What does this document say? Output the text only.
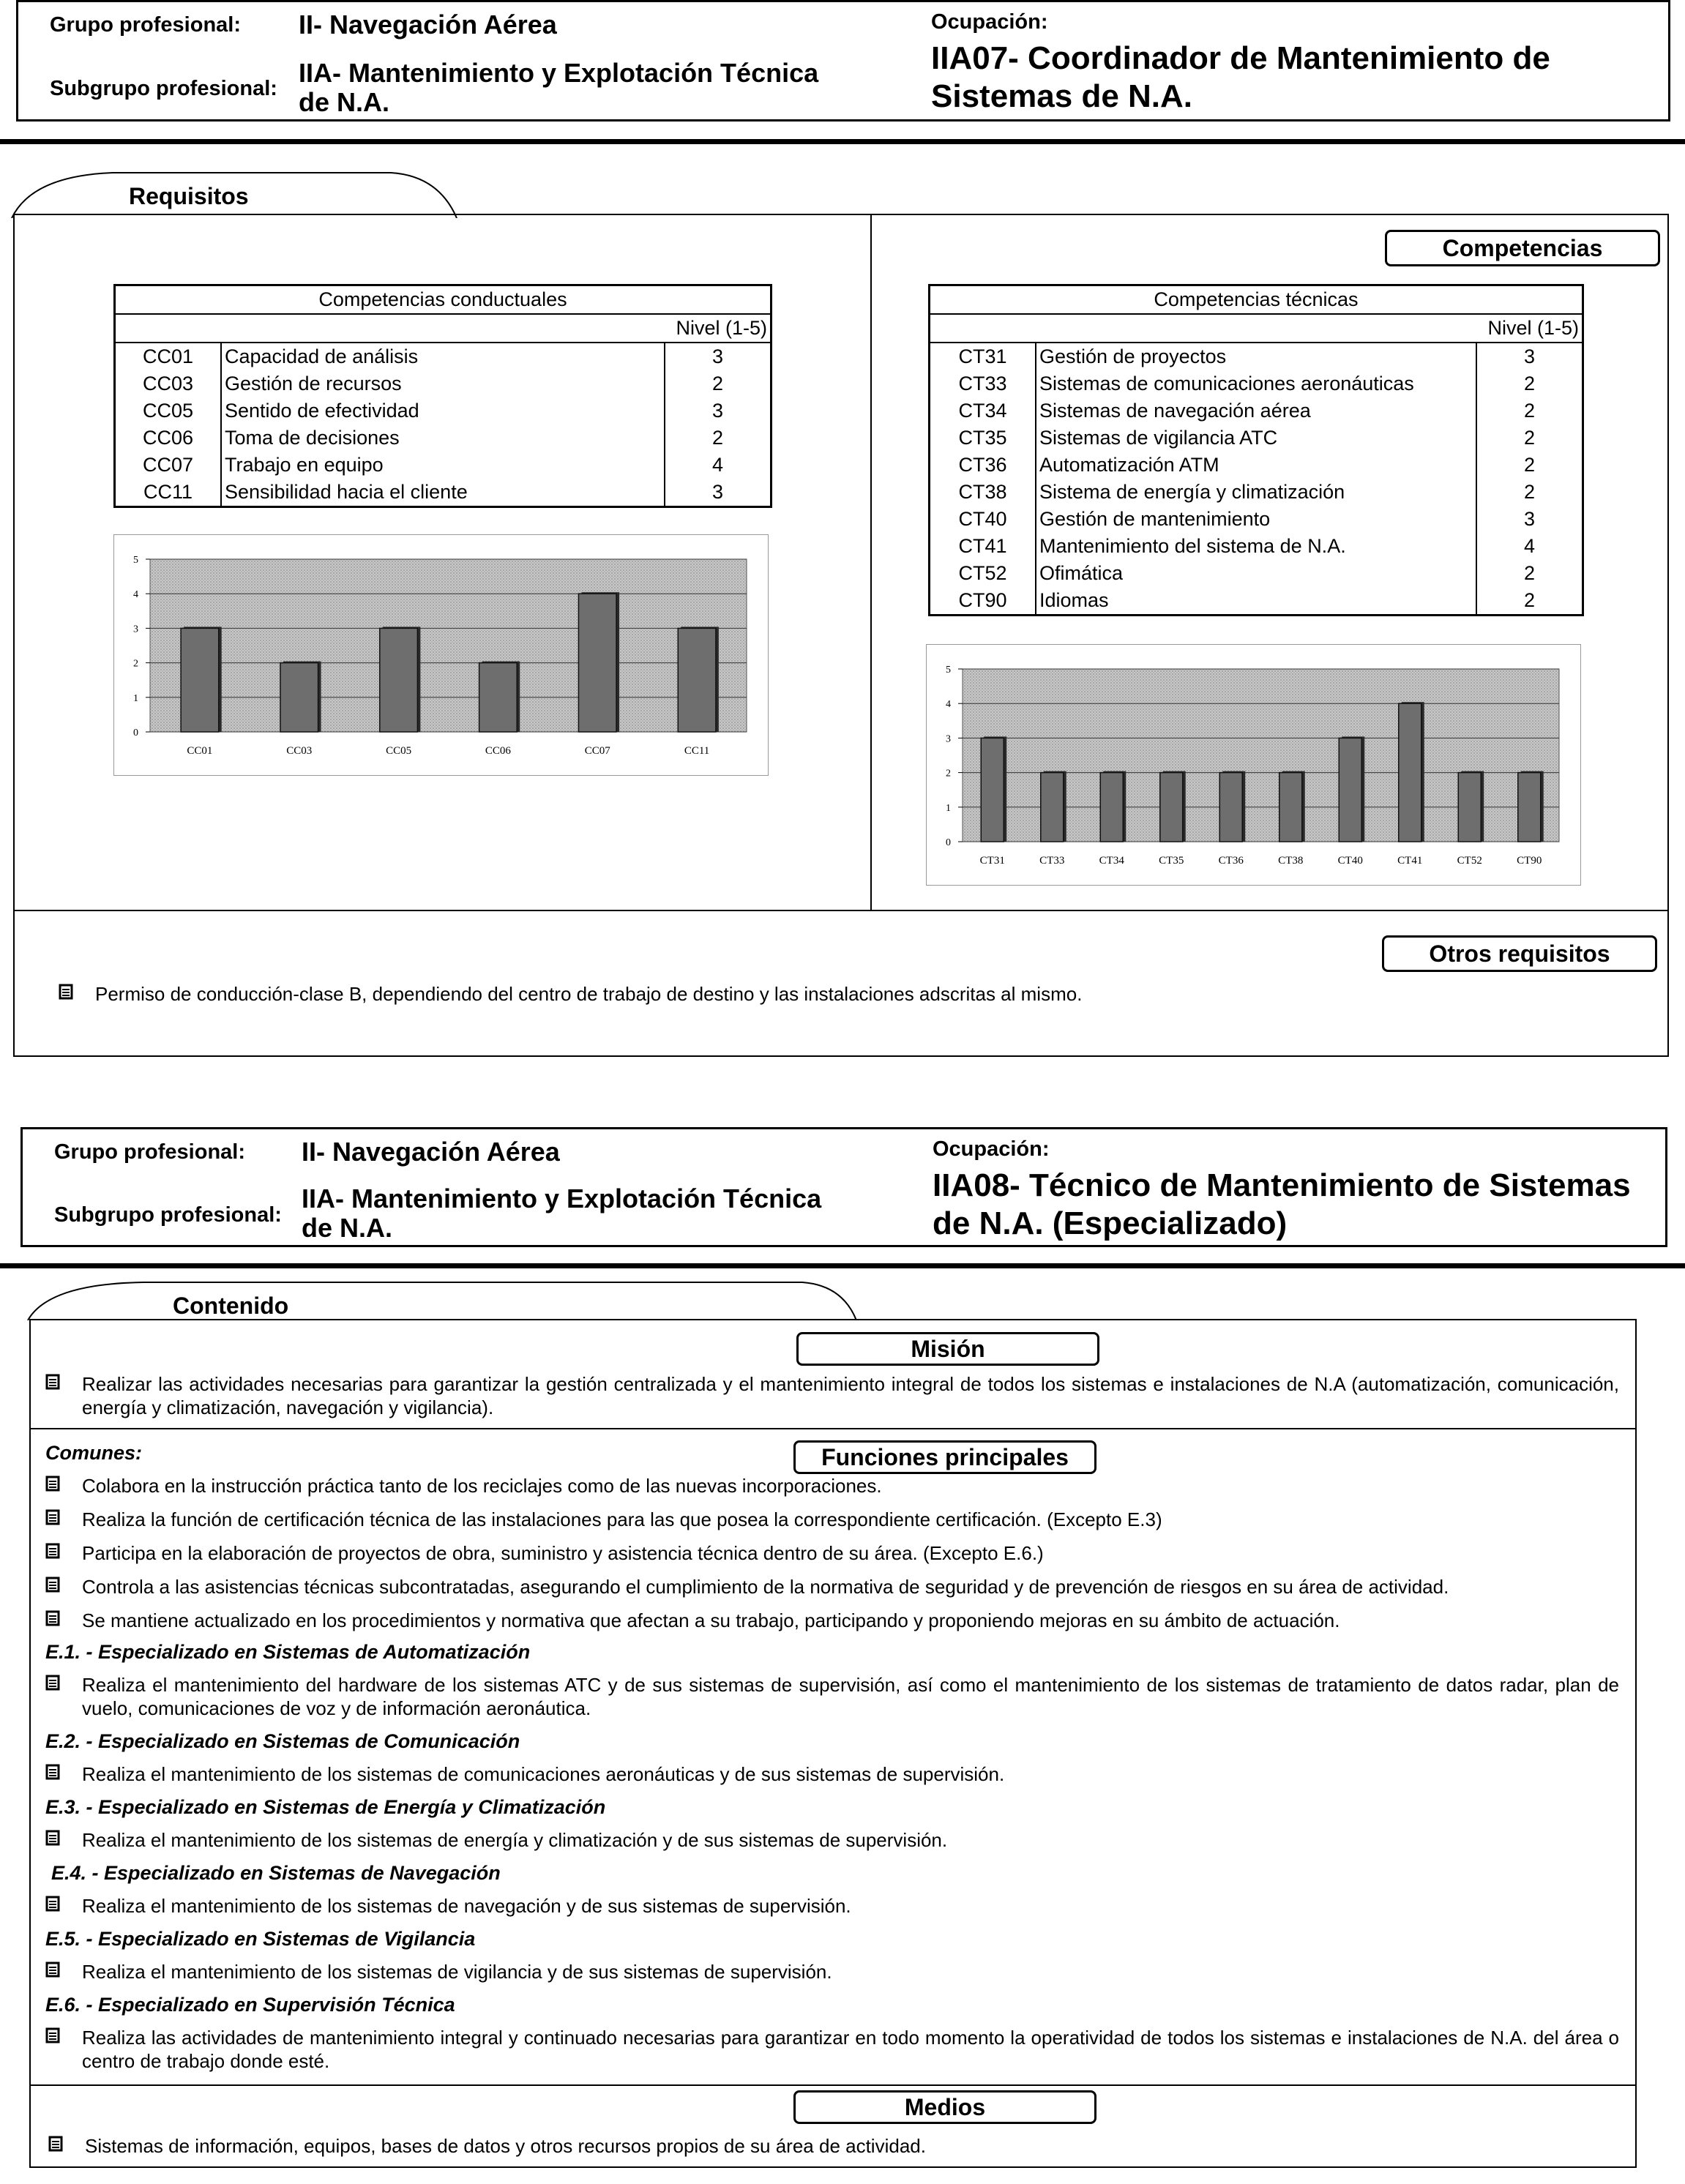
Grupo profesional: II- Navegación Aérea
Subgrupo profesional:
IIA- Mantenimiento y Explotación Técnica
de N.A.
Ocupación:
IIA07- Coordinador de Mantenimiento de
Sistemas de N.A.
Requisitos
Competencias
Competencias conductuales		
Nivel (1-5)		
CC01	Capacidad de análisis	3
CC03	Gestión de recursos	2
CC05	Sentido de efectividad	3
CC06	Toma de decisiones	2
CC07	Trabajo en equipo	4
CC11	Sensibilidad hacia el cliente	3
Competencias técnicas		
Nivel (1-5)		
CT31	Gestión de proyectos	3
CT33	Sistemas de comunicaciones aeronáuticas	2
CT34	Sistemas de navegación aérea	2
CT35	Sistemas de vigilancia ATC	2
CT36	Automatización ATM	2
CT38	Sistema de energía y climatización	2
CT40	Gestión de mantenimiento	3
CT41	Mantenimiento del sistema de N.A.	4
CT52	Ofimática	2
CT90	Idiomas	2
0
1
2
3
4
5
CC01	CC03	CC05	CC06	CC07	CC11
0
1
2
3
4
5
CT31	CT33	CT34	CT35	CT36	CT38	CT40	CT41	CT52	CT90
Otros requisitos
Permiso de conducción-clase B, dependiendo del centro de trabajo de destino y las instalaciones adscritas al mismo.
Grupo profesional: II- Navegación Aérea
Subgrupo profesional:
IIA- Mantenimiento y Explotación Técnica
de N.A.
Ocupación:
IIA08- Técnico de Mantenimiento de Sistemas
de N.A. (Especializado)
Contenido
Misión
Realizar las actividades necesarias para garantizar la gestión centralizada y el mantenimiento integral de todos los sistemas e instalaciones de N.A (automatización, comunicación, energía y climatización, navegación y vigilancia).
Funciones principales
Comunes:
Colabora en la instrucción práctica tanto de los reciclajes como de las nuevas incorporaciones.
Realiza la función de certificación técnica de las instalaciones para las que posea la correspondiente certificación. (Excepto E.3)
Participa en la elaboración de proyectos de obra, suministro y asistencia técnica dentro de su área. (Excepto E.6.)
Controla a las asistencias técnicas subcontratadas, asegurando el cumplimiento de la normativa de seguridad y de prevención de riesgos en su área de actividad.
Se mantiene actualizado en los procedimientos y normativa que afectan a su trabajo, participando y proponiendo mejoras en su ámbito de actuación.
E.1. - Especializado en Sistemas de Automatización
Realiza el mantenimiento del hardware de los sistemas ATC y de sus sistemas de supervisión, así como el mantenimiento de los sistemas de tratamiento de datos radar, plan de vuelo, comunicaciones de voz y de información aeronáutica.
E.2. - Especializado en Sistemas de Comunicación
Realiza el mantenimiento de los sistemas de comunicaciones aeronáuticas y de sus sistemas de supervisión.
E.3. - Especializado en Sistemas de Energía y Climatización
Realiza el mantenimiento de los sistemas de energía y climatización y de sus sistemas de supervisión.
E.4. - Especializado en Sistemas de Navegación
Realiza el mantenimiento de los sistemas de navegación y de sus sistemas de supervisión.
E.5. - Especializado en Sistemas de Vigilancia
Realiza el mantenimiento de los sistemas de vigilancia y de sus sistemas de supervisión.
E.6. - Especializado en Supervisión Técnica
Realiza las actividades de mantenimiento integral y continuado necesarias para garantizar en todo momento la operatividad de todos los sistemas e instalaciones de N.A. del área o centro de trabajo donde esté.
Medios
Sistemas de información, equipos, bases de datos y otros recursos propios de su área de actividad.
